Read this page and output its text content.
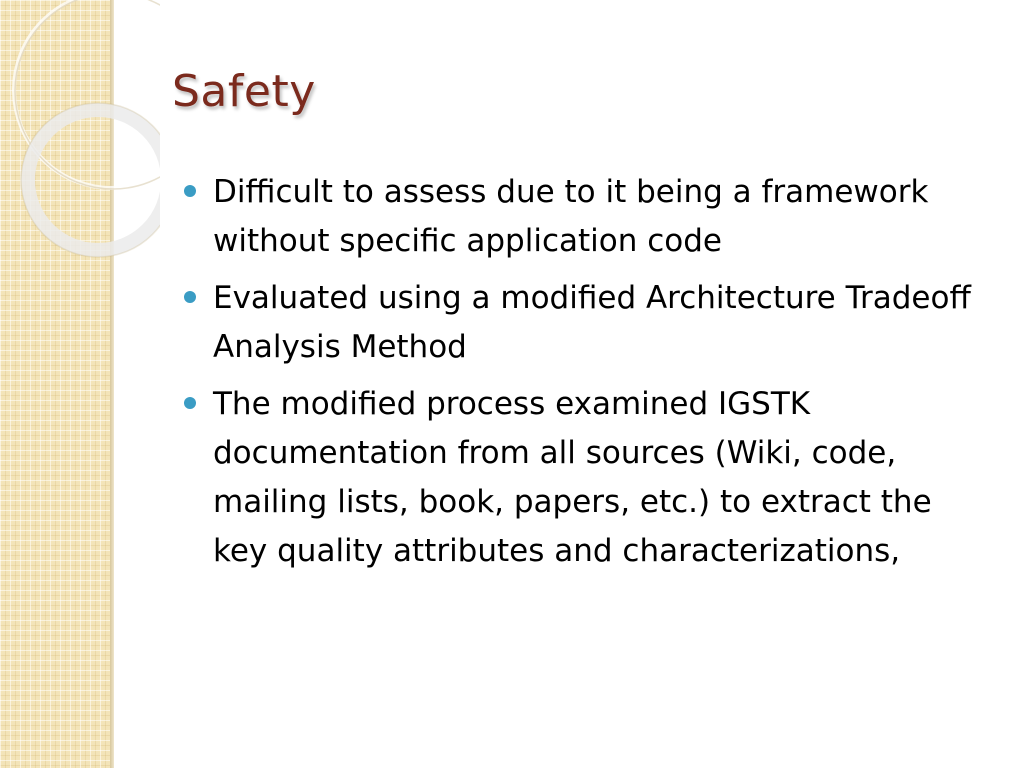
Safety
Difficult to assess due to it being a framework without specific application code
Evaluated using a modified Architecture Tradeoff Analysis Method
The modified process examined IGSTK documentation from all sources (Wiki, code, mailing lists, book, papers, etc.) to extract the key quality attributes and characterizations,
